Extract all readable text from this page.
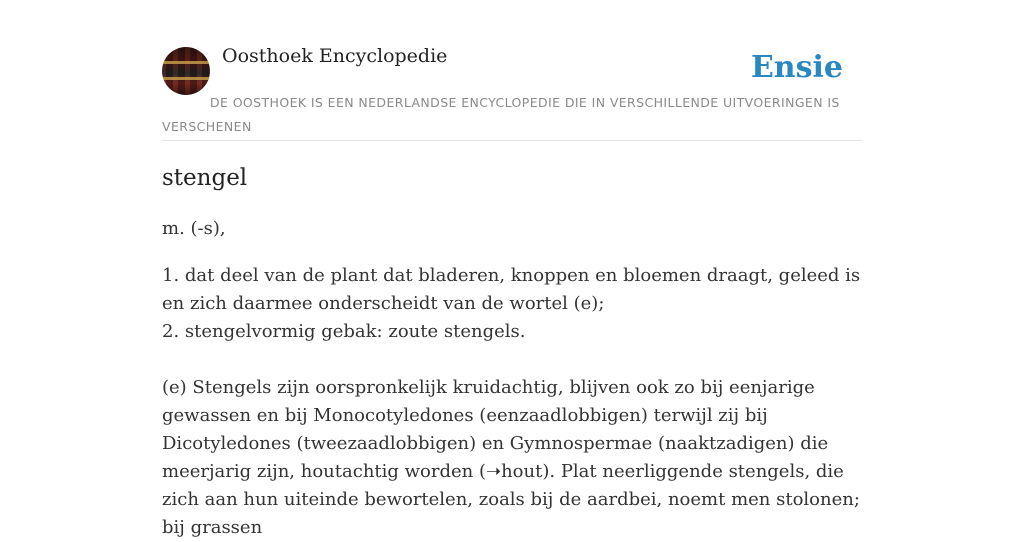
Oosthoek Encyclopedie	Ensie
DE OOSTHOEK IS EEN NEDERLANDSE ENCYCLOPEDIE DIE IN VERSCHILLENDE UITVOERINGEN IS VERSCHENEN
stengel

m. (-s),

1. dat deel van de plant dat bladeren, knoppen en bloemen draagt, geleed is en zich daarmee onderscheidt van de wortel (e);

2. stengelvormig gebak: zoute stengels.

(e) Stengels zijn oorspronkelijk kruidachtig, blijven ook zo bij eenjarige gewassen en bij Monocotyledones (eenzaadlobbigen) terwijl zij bij Dicotyledones (tweezaadlobbigen) en Gymnospermae (naaktzadigen) die meerjarig zijn, houtachtig worden (➝hout). Plat neerliggende stengels, die zich aan hun uiteinde bewortelen, zoals bij de aardbei, noemt men stolonen; bij grassen
